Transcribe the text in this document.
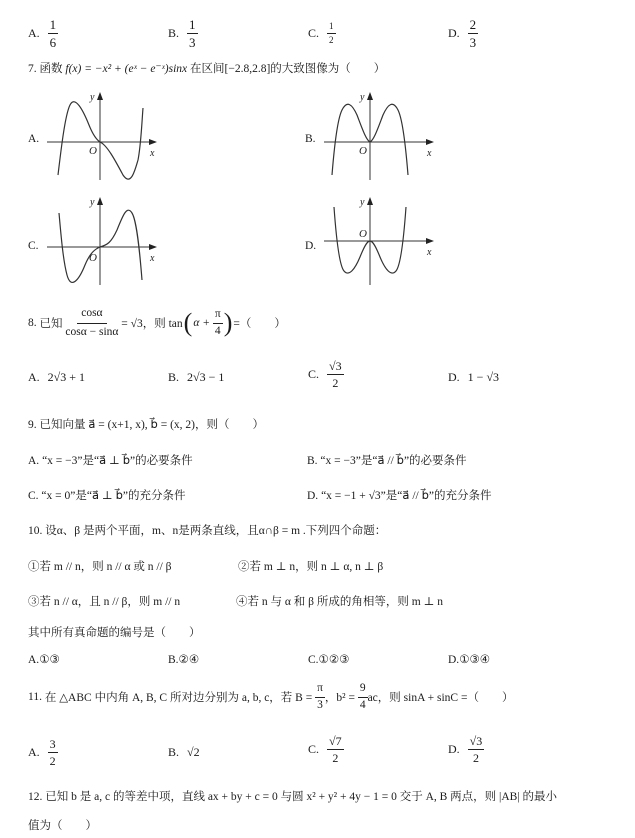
A. $\frac{1}{6}$	B. $\frac{1}{3}$	C. $\frac{1}{2}$	D. $\frac{2}{3}$
7. 函数 f(x) = −x² + (eˣ − e⁻ˣ)sinx 在区间[−2.8,2.8]的大致图像为（　　）
A.
y
x
O
B.
y
x
O
C.
y
x
O
D.
y
x
O
8.
已知
$\frac{\cos\alpha}{\cos\alpha - \sin\alpha}$
= √3，则 tan ( α +
$\frac{\pi}{4}$ ) =（　　）
A. 2√3 + 1	B. 2√3 − 1	C. $\frac{√3}{2}$	D. 1 − √3
9. 已知向量 a⃗ = (x+1, x), b⃗ = (x, 2)，则（　　）
A. “x = −3”是“a⃗ ⊥ b⃗”的必要条件	B. “x = −3”是“a⃗ // b⃗”的必要条件
C. “x = 0”是“a⃗ ⊥ b⃗”的充分条件	D. “x = −1 + √3”是“a⃗ // b⃗”的充分条件
10. 设α、β 是两个平面，m、n是两条直线，且α∩β = m .下列四个命题：
①若 m // n，则 n // α 或 n // β	②若 m ⊥ n，则 n ⊥ α, n ⊥ β
③若 n // α，且 n // β，则 m // n	④若 n 与 α 和 β 所成的角相等，则 m ⊥ n
其中所有真命题的编号是（　　）
A.①③	B.②④	C.①②③	D.①③④
11.
在 △ABC 中内角 A, B, C 所对边分别为 a, b, c，若 B =
$\frac{\pi}{3}$ ，b² =
$\frac{9}{4}$ ac，则 sinA + sinC =（　　）
A. $\frac{3}{2}$	B. √2	C. $\frac{√7}{2}$	D. $\frac{√3}{2}$
12. 已知 b 是 a, c 的等差中项，直线 ax + by + c = 0 与圆 x² + y² + 4y − 1 = 0 交于 A, B 两点，则 |AB| 的最小
值为（　　）
